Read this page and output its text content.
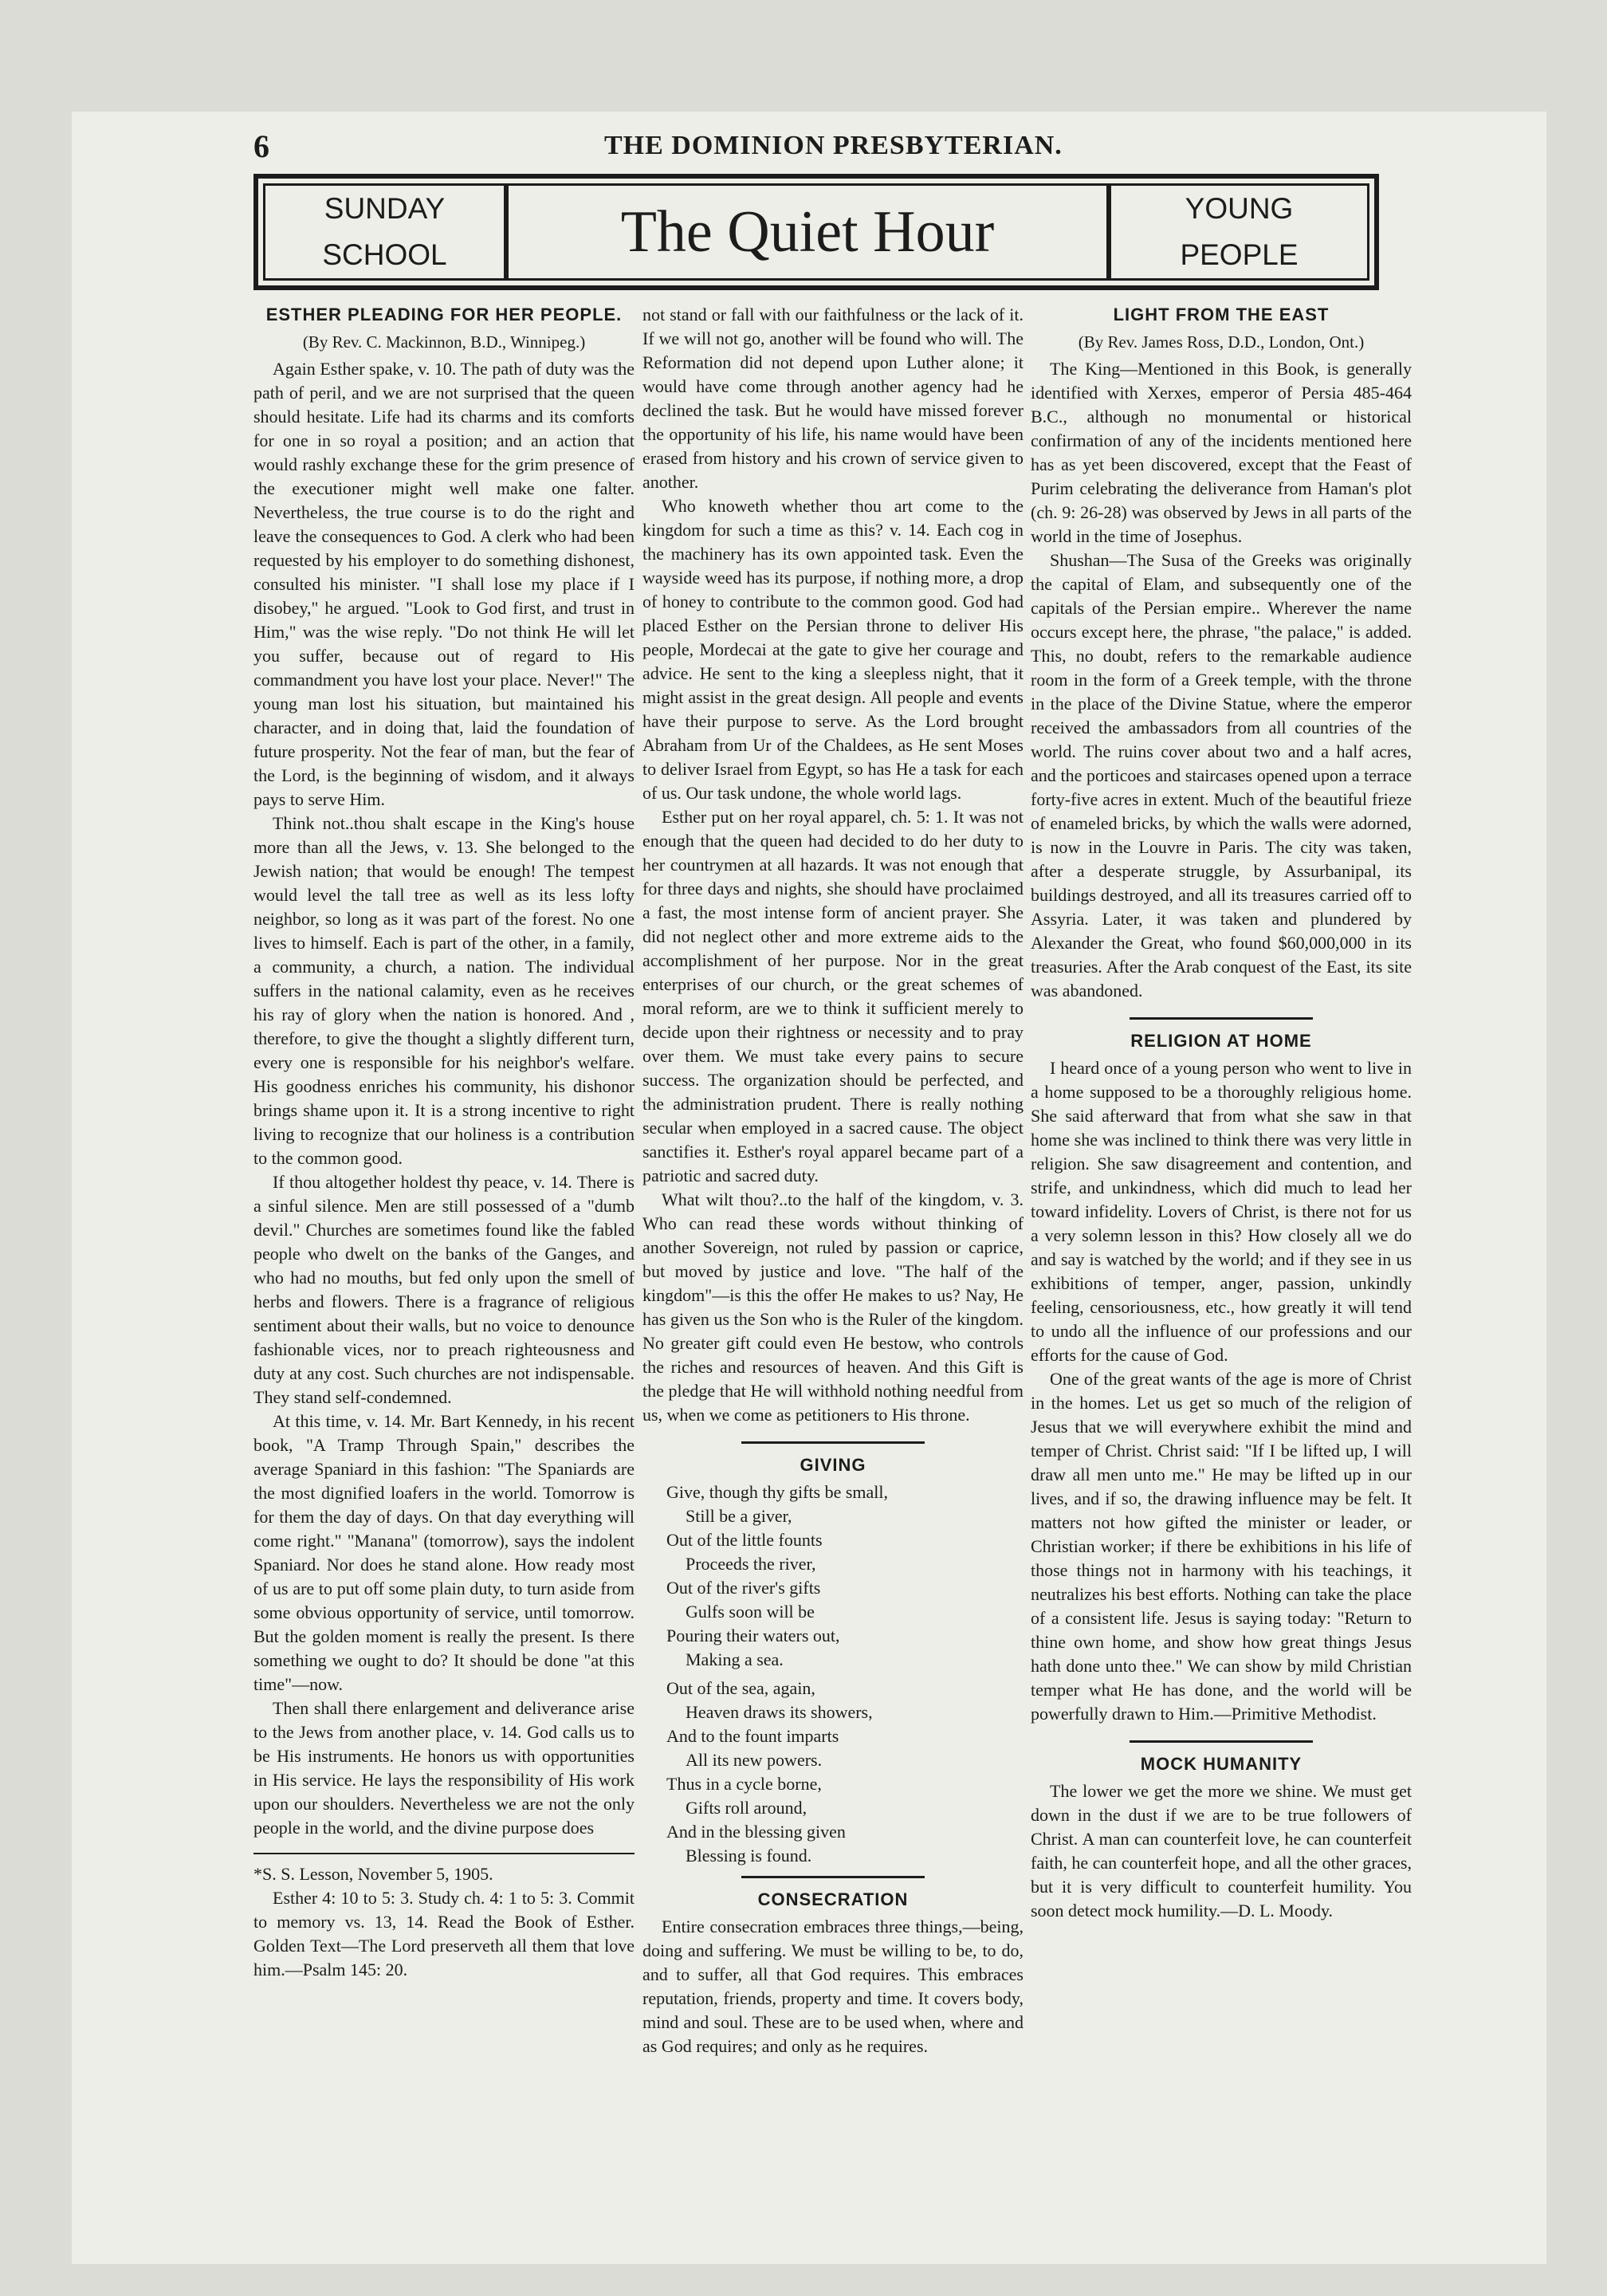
6	THE DOMINION PRESBYTERIAN.
SUNDAY
SCHOOL	The Quiet Hour	YOUNG
PEOPLE
ESTHER PLEADING FOR HER PEOPLE.
(By Rev. C. Mackinnon, B.D., Winnipeg.)

Again Esther spake, v. 10. The path of duty was the path of peril, and we are not surprised that the queen should hesitate. Life had its charms and its comforts for one in so royal a position; and an action that would rashly exchange these for the grim presence of the executioner might well make one falter. Nevertheless, the true course is to do the right and leave the consequences to God. A clerk who had been requested by his employer to do something dishonest, consulted his minister. "I shall lose my place if I disobey," he argued. "Look to God first, and trust in Him," was the wise reply. "Do not think He will let you suffer, because out of regard to His commandment you have lost your place. Never!" The young man lost his situation, but maintained his character, and in doing that, laid the foundation of future prosperity. Not the fear of man, but the fear of the Lord, is the beginning of wisdom, and it always pays to serve Him.

Think not..thou shalt escape in the King's house more than all the Jews, v. 13. She belonged to the Jewish nation; that would be enough! The tempest would level the tall tree as well as its less lofty neighbor, so long as it was part of the forest. No one lives to himself. Each is part of the other, in a family, a community, a church, a nation. The individual suffers in the national calamity, even as he receives his ray of glory when the nation is honored. And , therefore, to give the thought a slightly different turn, every one is responsible for his neighbor's welfare. His goodness enriches his community, his dishonor brings shame upon it. It is a strong incentive to right living to recognize that our holiness is a contribution to the common good.

If thou altogether holdest thy peace, v. 14. There is a sinful silence. Men are still possessed of a "dumb devil." Churches are sometimes found like the fabled people who dwelt on the banks of the Ganges, and who had no mouths, but fed only upon the smell of herbs and flowers. There is a fragrance of religious sentiment about their walls, but no voice to denounce fashionable vices, nor to preach righteousness and duty at any cost. Such churches are not indispensable. They stand self-condemned.

At this time, v. 14. Mr. Bart Kennedy, in his recent book, "A Tramp Through Spain," describes the average Spaniard in this fashion: "The Spaniards are the most dignified loafers in the world. Tomorrow is for them the day of days. On that day everything will come right." "Manana" (tomorrow), says the indolent Spaniard. Nor does he stand alone. How ready most of us are to put off some plain duty, to turn aside from some obvious opportunity of service, until tomorrow. But the golden moment is really the present. Is there something we ought to do? It should be done "at this time"—now.

Then shall there enlargement and deliverance arise to the Jews from another place, v. 14. God calls us to be His instruments. He honors us with opportunities in His service. He lays the responsibility of His work upon our shoulders. Nevertheless we are not the only people in the world, and the divine purpose does

*S. S. Lesson, November 5, 1905.

Esther 4: 10 to 5: 3. Study ch. 4: 1 to 5: 3. Commit to memory vs. 13, 14. Read the Book of Esther. Golden Text—The Lord preserveth all them that love him.—Psalm 145: 20.

not stand or fall with our faithfulness or the lack of it. If we will not go, another will be found who will. The Reformation did not depend upon Luther alone; it would have come through another agency had he declined the task. But he would have missed forever the opportunity of his life, his name would have been erased from history and his crown of service given to another.

Who knoweth whether thou art come to the kingdom for such a time as this? v. 14. Each cog in the machinery has its own appointed task. Even the wayside weed has its purpose, if nothing more, a drop of honey to contribute to the common good. God had placed Esther on the Persian throne to deliver His people, Mordecai at the gate to give her courage and advice. He sent to the king a sleepless night, that it might assist in the great design. All people and events have their purpose to serve. As the Lord brought Abraham from Ur of the Chaldees, as He sent Moses to deliver Israel from Egypt, so has He a task for each of us. Our task undone, the whole world lags.

Esther put on her royal apparel, ch. 5: 1. It was not enough that the queen had decided to do her duty to her countrymen at all hazards. It was not enough that for three days and nights, she should have proclaimed a fast, the most intense form of ancient prayer. She did not neglect other and more extreme aids to the accomplishment of her purpose. Nor in the great enterprises of our church, or the great schemes of moral reform, are we to think it sufficient merely to decide upon their rightness or necessity and to pray over them. We must take every pains to secure success. The organization should be perfected, and the administration prudent. There is really nothing secular when employed in a sacred cause. The object sanctifies it. Esther's royal apparel became part of a patriotic and sacred duty.

What wilt thou?..to the half of the kingdom, v. 3. Who can read these words without thinking of another Sovereign, not ruled by passion or caprice, but moved by justice and love. "The half of the kingdom"—is this the offer He makes to us? Nay, He has given us the Son who is the Ruler of the kingdom. No greater gift could even He bestow, who controls the riches and resources of heaven. And this Gift is the pledge that He will withhold nothing needful from us, when we come as petitioners to His throne.

GIVING
Give, though thy gifts be small,
Still be a giver,
Out of the little founts
Proceeds the river,
Out of the river's gifts
Gulfs soon will be
Pouring their waters out,
Making a sea.
Out of the sea, again,
Heaven draws its showers,
And to the fount imparts
All its new powers.
Thus in a cycle borne,
Gifts roll around,
And in the blessing given
Blessing is found.
CONSECRATION

Entire consecration embraces three things,—being, doing and suffering. We must be willing to be, to do, and to suffer, all that God requires. This embraces reputation, friends, property and time. It covers body, mind and soul. These are to be used when, where and as God requires; and only as he requires.

LIGHT FROM THE EAST
(By Rev. James Ross, D.D., London, Ont.)

The King—Mentioned in this Book, is generally identified with Xerxes, emperor of Persia 485-464 B.C., although no monumental or historical confirmation of any of the incidents mentioned here has as yet been discovered, except that the Feast of Purim celebrating the deliverance from Haman's plot (ch. 9: 26-28) was observed by Jews in all parts of the world in the time of Josephus.

Shushan—The Susa of the Greeks was originally the capital of Elam, and subsequently one of the capitals of the Persian empire.. Wherever the name occurs except here, the phrase, "the palace," is added. This, no doubt, refers to the remarkable audience room in the form of a Greek temple, with the throne in the place of the Divine Statue, where the emperor received the ambassadors from all countries of the world. The ruins cover about two and a half acres, and the porticoes and staircases opened upon a terrace forty-five acres in extent. Much of the beautiful frieze of enameled bricks, by which the walls were adorned, is now in the Louvre in Paris. The city was taken, after a desperate struggle, by Assurbanipal, its buildings destroyed, and all its treasures carried off to Assyria. Later, it was taken and plundered by Alexander the Great, who found $60,000,000 in its treasuries. After the Arab conquest of the East, its site was abandoned.

RELIGION AT HOME

I heard once of a young person who went to live in a home supposed to be a thoroughly religious home. She said afterward that from what she saw in that home she was inclined to think there was very little in religion. She saw disagreement and contention, and strife, and unkindness, which did much to lead her toward infidelity. Lovers of Christ, is there not for us a very solemn lesson in this? How closely all we do and say is watched by the world; and if they see in us exhibitions of temper, anger, passion, unkindly feeling, censoriousness, etc., how greatly it will tend to undo all the influence of our professions and our efforts for the cause of God.

One of the great wants of the age is more of Christ in the homes. Let us get so much of the religion of Jesus that we will everywhere exhibit the mind and temper of Christ. Christ said: "If I be lifted up, I will draw all men unto me." He may be lifted up in our lives, and if so, the drawing influence may be felt. It matters not how gifted the minister or leader, or Christian worker; if there be exhibitions in his life of those things not in harmony with his teachings, it neutralizes his best efforts. Nothing can take the place of a consistent life. Jesus is saying today: "Return to thine own home, and show how great things Jesus hath done unto thee." We can show by mild Christian temper what He has done, and the world will be powerfully drawn to Him.—Primitive Methodist.

MOCK HUMANITY

The lower we get the more we shine. We must get down in the dust if we are to be true followers of Christ. A man can counterfeit love, he can counterfeit faith, he can counterfeit hope, and all the other graces, but it is very difficult to counterfeit humility. You soon detect mock humility.—D. L. Moody.
